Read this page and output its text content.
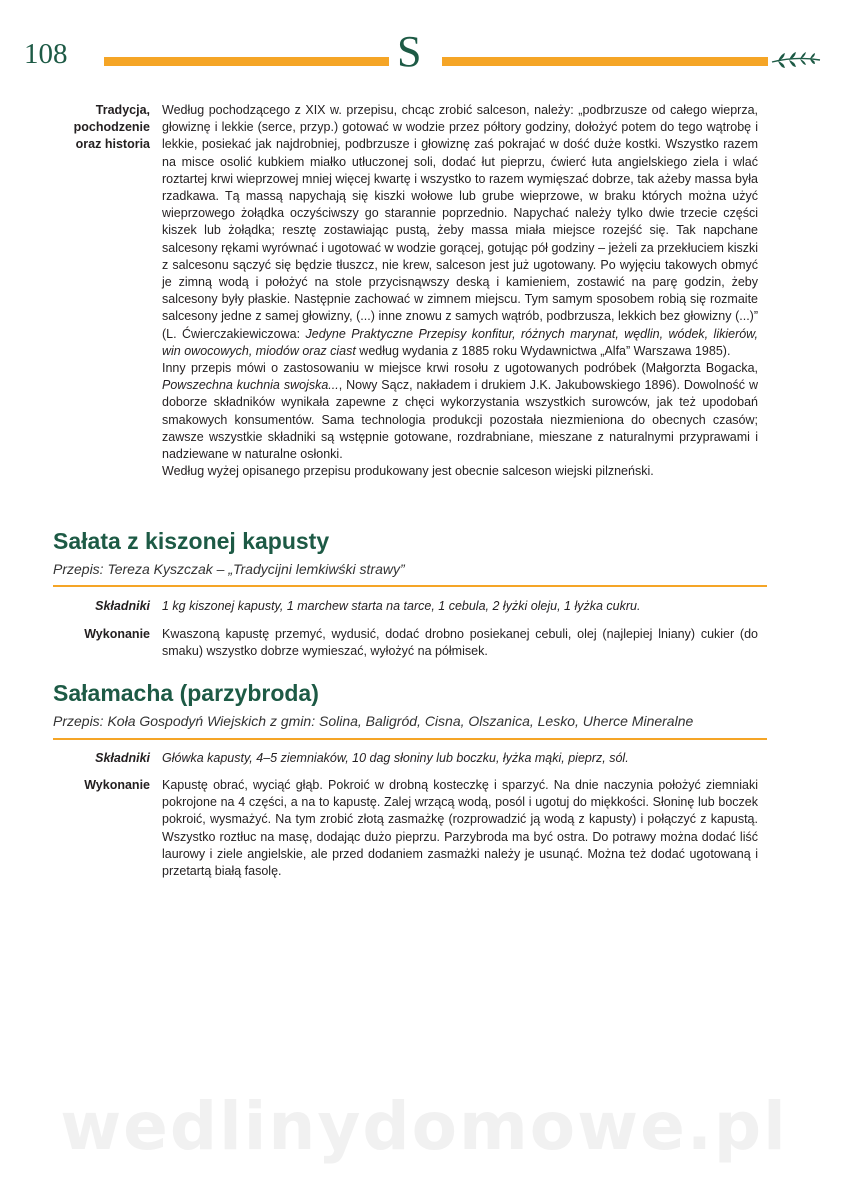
108	S
Tradycja,
pochodzenie
oraz historia

Według pochodzącego z XIX w. przepisu, chcąc zrobić salceson, należy: „podbrzusze od całego wieprza, głowiznę i lekkie (serce, przyp.) gotować w wodzie przez półtory godziny, dołożyć potem do tego wątrobę i lekkie, posiekać jak najdrobniej, podbrzusze i głowiznę zaś pokrajać w dość duże kostki. Wszystko razem na misce osolić kubkiem miałko utłuczonej soli, dodać łut pieprzu, ćwierć łuta angielskiego ziela i wlać roztartej krwi wieprzowej mniej więcej kwartę i wszystko to razem wymięszać dobrze, tak ażeby massa była rzadkawa. Tą massą napychają się kiszki wołowe lub grube wieprzowe, w braku których można użyć wieprzowego żołądka oczyściwszy go starannie poprzednio. Napychać należy tylko dwie trzecie części kiszek lub żołądka; resztę zostawiając pustą, żeby massa miała miejsce rozejść się. Tak napchane salcesony rękami wyrównać i ugotować w wodzie gorącej, gotując pół godziny – jeżeli za przekłuciem kiszki z salcesonu sączyć się będzie tłuszcz, nie krew, salceson jest już ugotowany. Po wyjęciu takowych obmyć je zimną wodą i położyć na stole przycisnąwszy deską i kamieniem, zostawić na parę godzin, żeby salcesony były płaskie. Następnie zachować w zimnem miejscu. Tym samym sposobem robią się rozmaite salcesony jedne z samej głowizny, (...) inne znowu z samych wątrób, podbrzusza, lekkich bez głowizny (...)” (L. Ćwierczakiewiczowa: Jedyne Praktyczne Przepisy konfitur, różnych marynat, wędlin, wódek, likierów, win owocowych, miodów oraz ciast według wydania z 1885 roku Wydawnictwa „Alfa” Warszawa 1985).

Inny przepis mówi o zastosowaniu w miejsce krwi rosołu z ugotowanych podróbek (Małgorzta Bogacka, Powszechna kuchnia swojska..., Nowy Sącz, nakładem i drukiem J.K. Jakubowskiego 1896). Dowolność w doborze składników wynikała zapewne z chęci wykorzystania wszystkich surowców, jak też upodobań smakowych konsumentów. Sama technologia produkcji pozostała niezmieniona do obecnych czasów; zawsze wszystkie składniki są wstępnie gotowane, rozdrabniane, mieszane z naturalnymi przyprawami i nadziewane w naturalne osłonki.

Według wyżej opisanego przepisu produkowany jest obecnie salceson wiejski pilzneński.

Sałata z kiszonej kapusty
Przepis: Tereza Kyszczak – „Tradycijni lemkiwśki strawy”
Składniki 1 kg kiszonej kapusty, 1 marchew starta na tarce, 1 cebula, 2 łyżki oleju, 1 łyżka cukru.
Wykonanie Kwaszoną kapustę przemyć, wydusić, dodać drobno posiekanej cebuli, olej (najlepiej lniany) cukier (do smaku) wszystko dobrze wymieszać, wyłożyć na półmisek.
Sałamacha (parzybroda)
Przepis: Koła Gospodyń Wiejskich z gmin: Solina, Baligród, Cisna, Olszanica, Lesko, Uherce Mineralne
Składniki Główka kapusty, 4–5 ziemniaków, 10 dag słoniny lub boczku, łyżka mąki, pieprz, sól.
Wykonanie Kapustę obrać, wyciąć głąb. Pokroić w drobną kosteczkę i sparzyć. Na dnie naczynia położyć ziemniaki pokrojone na 4 części, a na to kapustę. Zalej wrzącą wodą, posól i ugotuj do miękkości. Słoninę lub boczek pokroić, wysmażyć. Na tym zrobić złotą zasmażkę (rozprowadzić ją wodą z kapusty) i połączyć z kapustą. Wszystko roztłuc na masę, dodając dużo pieprzu. Parzybroda ma być ostra. Do potrawy można dodać liść laurowy i ziele angielskie, ale przed dodaniem zasmażki należy je usunąć. Można też dodać ugotowaną i przetartą białą fasolę.
wedlinydomowe.pl
